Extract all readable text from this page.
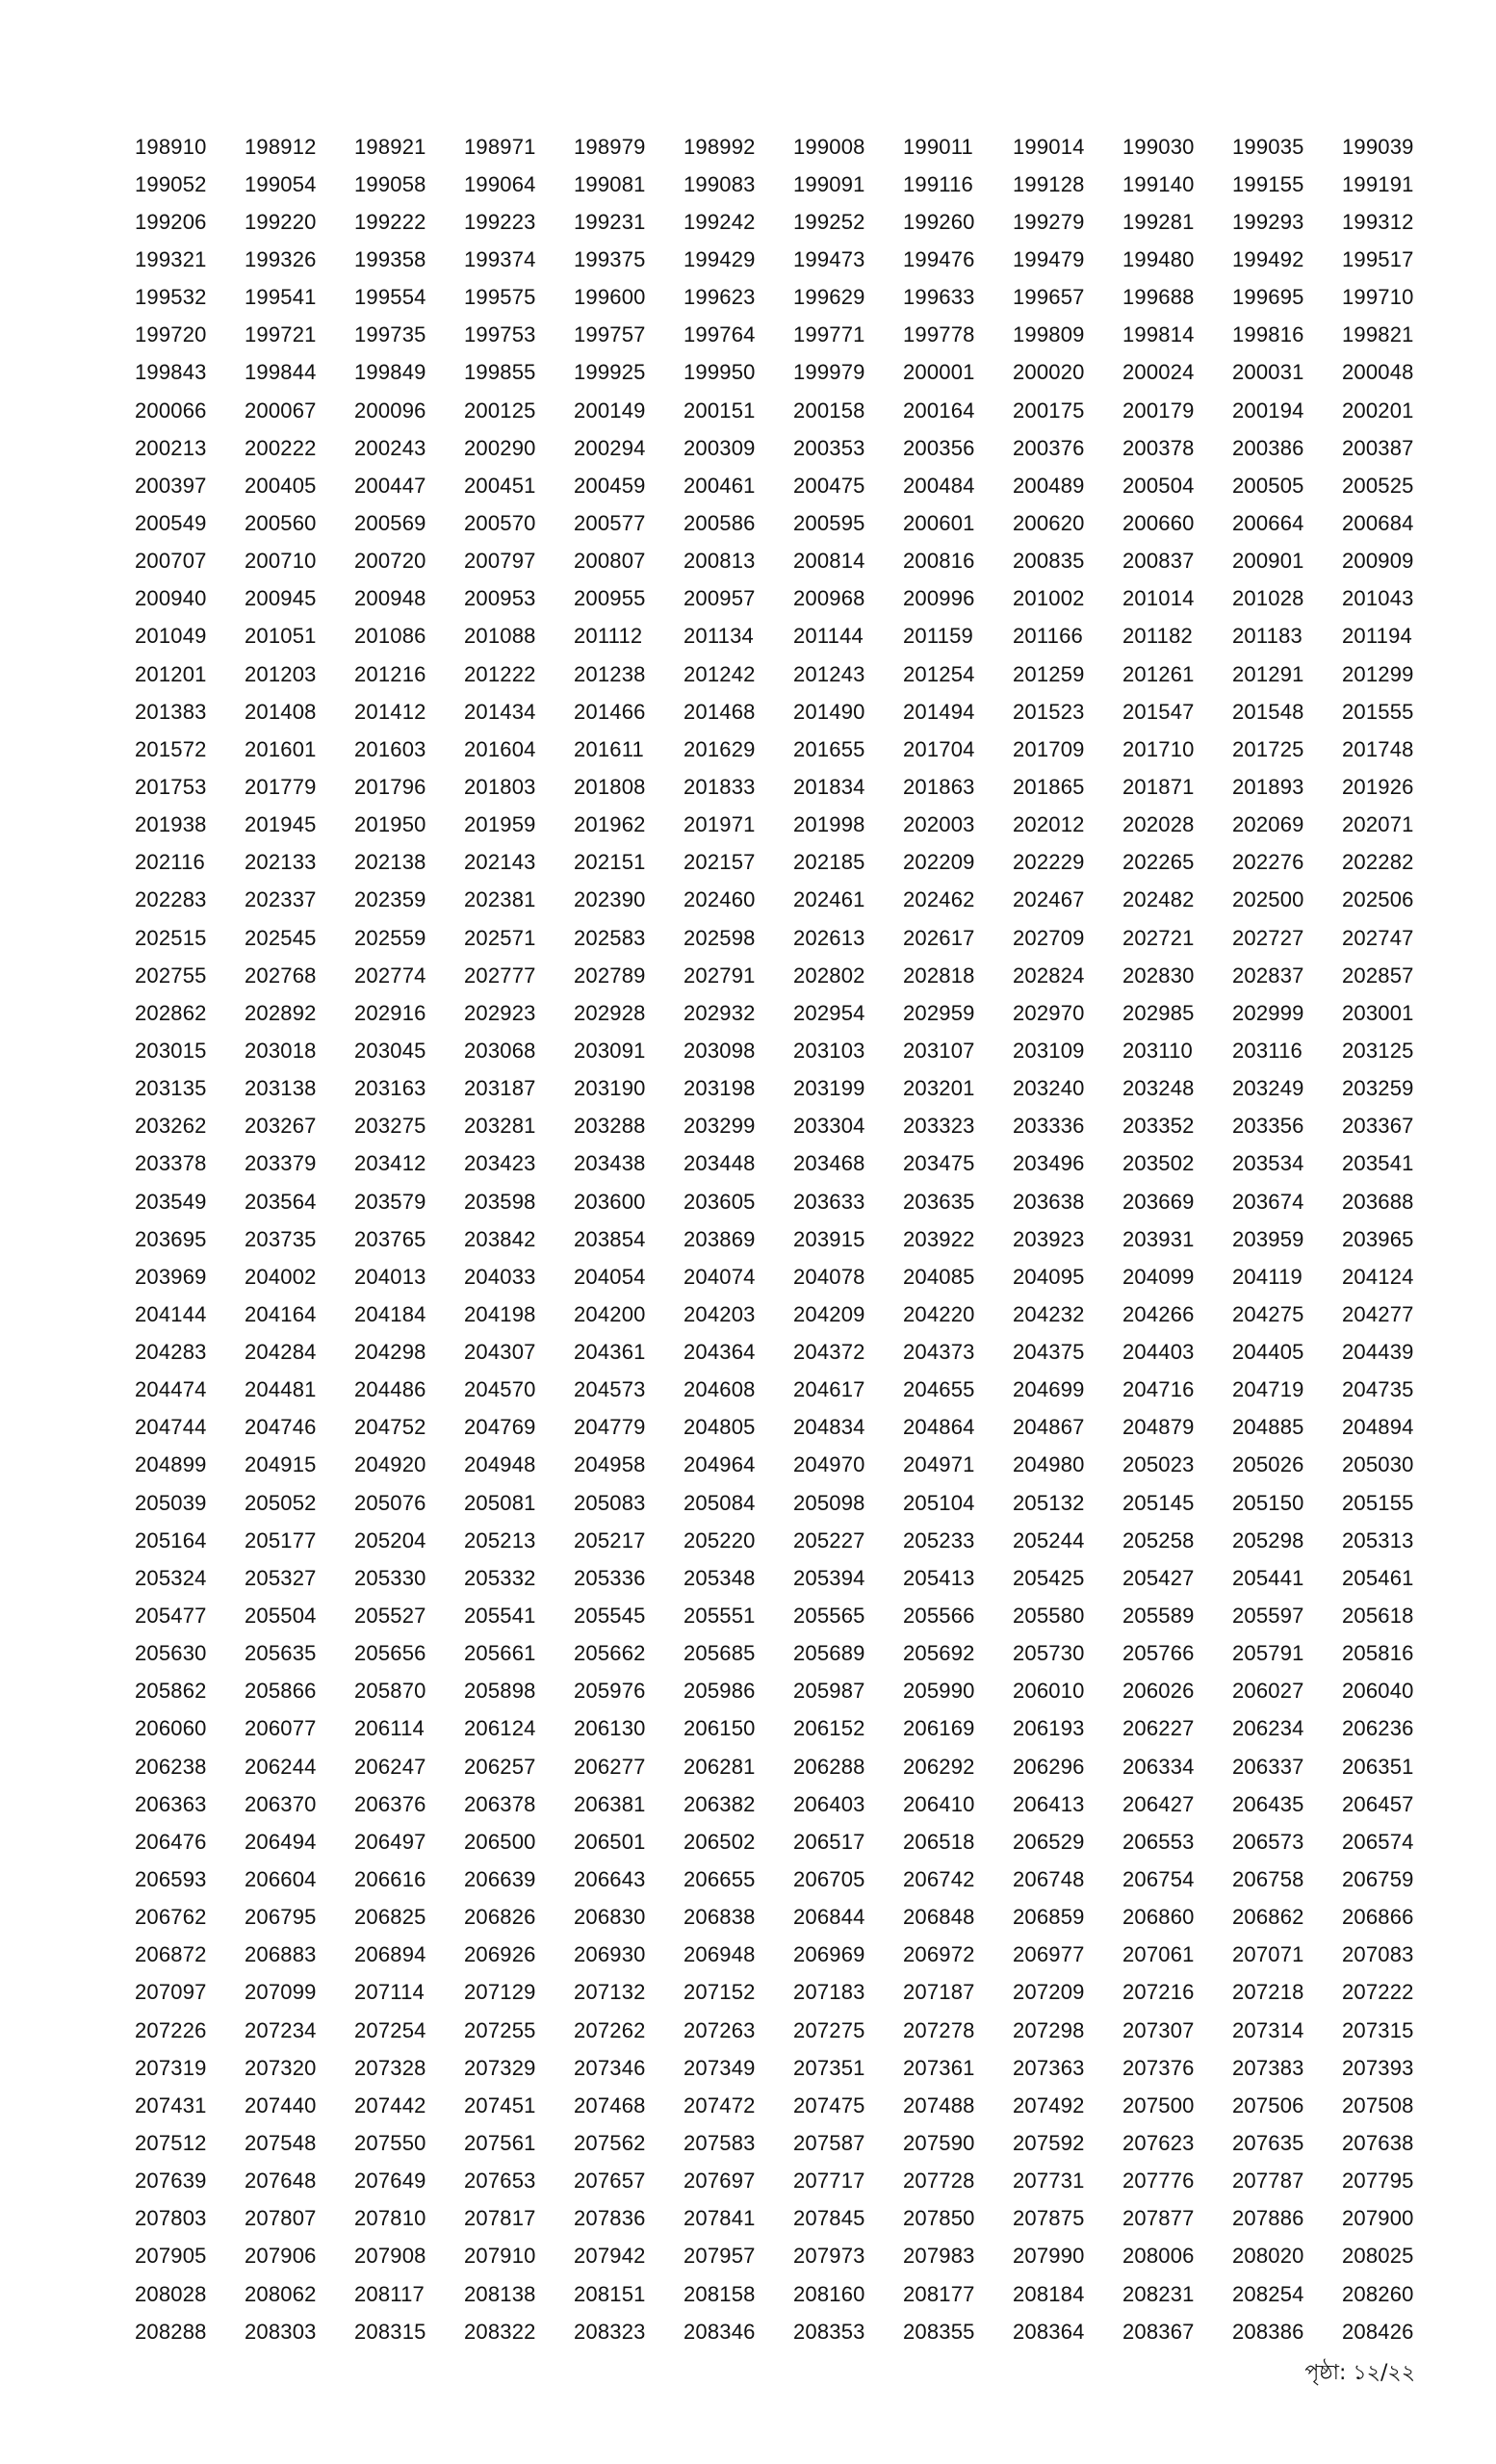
198910	198912	198921	198971	198979	198992	199008	199011	199014	199030	199035	199039
199052	199054	199058	199064	199081	199083	199091	199116	199128	199140	199155	199191
199206	199220	199222	199223	199231	199242	199252	199260	199279	199281	199293	199312
199321	199326	199358	199374	199375	199429	199473	199476	199479	199480	199492	199517
199532	199541	199554	199575	199600	199623	199629	199633	199657	199688	199695	199710
199720	199721	199735	199753	199757	199764	199771	199778	199809	199814	199816	199821
199843	199844	199849	199855	199925	199950	199979	200001	200020	200024	200031	200048
200066	200067	200096	200125	200149	200151	200158	200164	200175	200179	200194	200201
200213	200222	200243	200290	200294	200309	200353	200356	200376	200378	200386	200387
200397	200405	200447	200451	200459	200461	200475	200484	200489	200504	200505	200525
200549	200560	200569	200570	200577	200586	200595	200601	200620	200660	200664	200684
200707	200710	200720	200797	200807	200813	200814	200816	200835	200837	200901	200909
200940	200945	200948	200953	200955	200957	200968	200996	201002	201014	201028	201043
201049	201051	201086	201088	201112	201134	201144	201159	201166	201182	201183	201194
201201	201203	201216	201222	201238	201242	201243	201254	201259	201261	201291	201299
201383	201408	201412	201434	201466	201468	201490	201494	201523	201547	201548	201555
201572	201601	201603	201604	201611	201629	201655	201704	201709	201710	201725	201748
201753	201779	201796	201803	201808	201833	201834	201863	201865	201871	201893	201926
201938	201945	201950	201959	201962	201971	201998	202003	202012	202028	202069	202071
202116	202133	202138	202143	202151	202157	202185	202209	202229	202265	202276	202282
202283	202337	202359	202381	202390	202460	202461	202462	202467	202482	202500	202506
202515	202545	202559	202571	202583	202598	202613	202617	202709	202721	202727	202747
202755	202768	202774	202777	202789	202791	202802	202818	202824	202830	202837	202857
202862	202892	202916	202923	202928	202932	202954	202959	202970	202985	202999	203001
203015	203018	203045	203068	203091	203098	203103	203107	203109	203110	203116	203125
203135	203138	203163	203187	203190	203198	203199	203201	203240	203248	203249	203259
203262	203267	203275	203281	203288	203299	203304	203323	203336	203352	203356	203367
203378	203379	203412	203423	203438	203448	203468	203475	203496	203502	203534	203541
203549	203564	203579	203598	203600	203605	203633	203635	203638	203669	203674	203688
203695	203735	203765	203842	203854	203869	203915	203922	203923	203931	203959	203965
203969	204002	204013	204033	204054	204074	204078	204085	204095	204099	204119	204124
204144	204164	204184	204198	204200	204203	204209	204220	204232	204266	204275	204277
204283	204284	204298	204307	204361	204364	204372	204373	204375	204403	204405	204439
204474	204481	204486	204570	204573	204608	204617	204655	204699	204716	204719	204735
204744	204746	204752	204769	204779	204805	204834	204864	204867	204879	204885	204894
204899	204915	204920	204948	204958	204964	204970	204971	204980	205023	205026	205030
205039	205052	205076	205081	205083	205084	205098	205104	205132	205145	205150	205155
205164	205177	205204	205213	205217	205220	205227	205233	205244	205258	205298	205313
205324	205327	205330	205332	205336	205348	205394	205413	205425	205427	205441	205461
205477	205504	205527	205541	205545	205551	205565	205566	205580	205589	205597	205618
205630	205635	205656	205661	205662	205685	205689	205692	205730	205766	205791	205816
205862	205866	205870	205898	205976	205986	205987	205990	206010	206026	206027	206040
206060	206077	206114	206124	206130	206150	206152	206169	206193	206227	206234	206236
206238	206244	206247	206257	206277	206281	206288	206292	206296	206334	206337	206351
206363	206370	206376	206378	206381	206382	206403	206410	206413	206427	206435	206457
206476	206494	206497	206500	206501	206502	206517	206518	206529	206553	206573	206574
206593	206604	206616	206639	206643	206655	206705	206742	206748	206754	206758	206759
206762	206795	206825	206826	206830	206838	206844	206848	206859	206860	206862	206866
206872	206883	206894	206926	206930	206948	206969	206972	206977	207061	207071	207083
207097	207099	207114	207129	207132	207152	207183	207187	207209	207216	207218	207222
207226	207234	207254	207255	207262	207263	207275	207278	207298	207307	207314	207315
207319	207320	207328	207329	207346	207349	207351	207361	207363	207376	207383	207393
207431	207440	207442	207451	207468	207472	207475	207488	207492	207500	207506	207508
207512	207548	207550	207561	207562	207583	207587	207590	207592	207623	207635	207638
207639	207648	207649	207653	207657	207697	207717	207728	207731	207776	207787	207795
207803	207807	207810	207817	207836	207841	207845	207850	207875	207877	207886	207900
207905	207906	207908	207910	207942	207957	207973	207983	207990	208006	208020	208025
208028	208062	208117	208138	208151	208158	208160	208177	208184	208231	208254	208260
208288	208303	208315	208322	208323	208346	208353	208355	208364	208367	208386	208426
পৃষ্ঠা: ১২/২২
